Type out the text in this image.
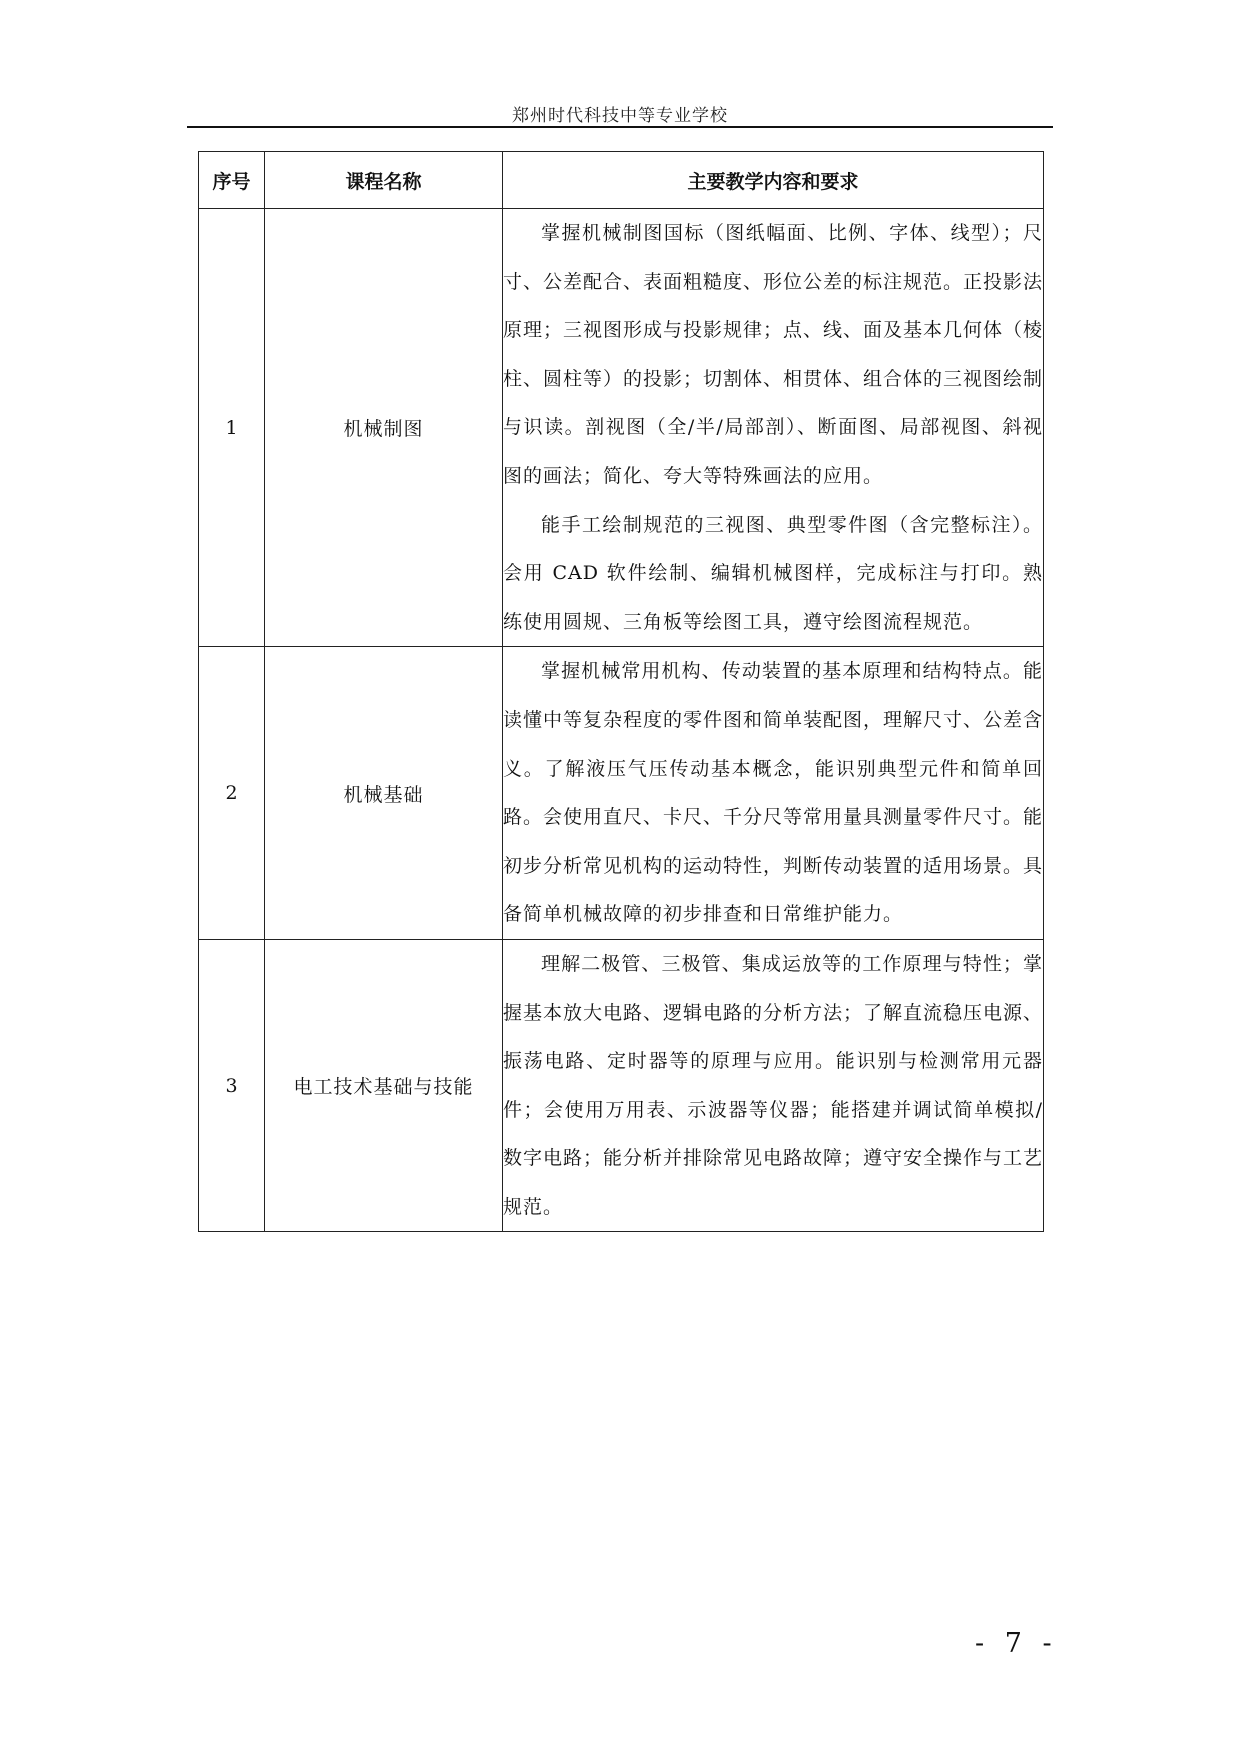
郑州时代科技中等专业学校
序号	课程名称	主要教学内容和要求
1	机械制图	掌握机械制图国标（图纸幅面、比例、字体、线型）；尺寸、公差配合、表面粗糙度、形位公差的标注规范。正投影法原理；三视图形成与投影规律；点、线、面及基本几何体（棱柱、圆柱等）的投影；切割体、相贯体、组合体的三视图绘制与识读。剖视图（全/半/局部剖）、断面图、局部视图、斜视图的画法；简化、夸大等特殊画法的应用。

能手工绘制规范的三视图、典型零件图（含完整标注）。会用 CAD 软件绘制、编辑机械图样，完成标注与打印。熟练使用圆规、三角板等绘图工具，遵守绘图流程规范。

2	机械基础	掌握机械常用机构、传动装置的基本原理和结构特点。能读懂中等复杂程度的零件图和简单装配图，理解尺寸、公差含义。了解液压气压传动基本概念，能识别典型元件和简单回路。会使用直尺、卡尺、千分尺等常用量具测量零件尺寸。能初步分析常见机构的运动特性，判断传动装置的适用场景。具备简单机械故障的初步排查和日常维护能力。

3	电工技术基础与技能	理解二极管、三极管、集成运放等的工作原理与特性；掌握基本放大电路、逻辑电路的分析方法；了解直流稳压电源、振荡电路、定时器等的原理与应用。能识别与检测常用元器件；会使用万用表、示波器等仪器；能搭建并调试简单模拟/数字电路；能分析并排除常见电路故障；遵守安全操作与工艺规范。

- 7 -
